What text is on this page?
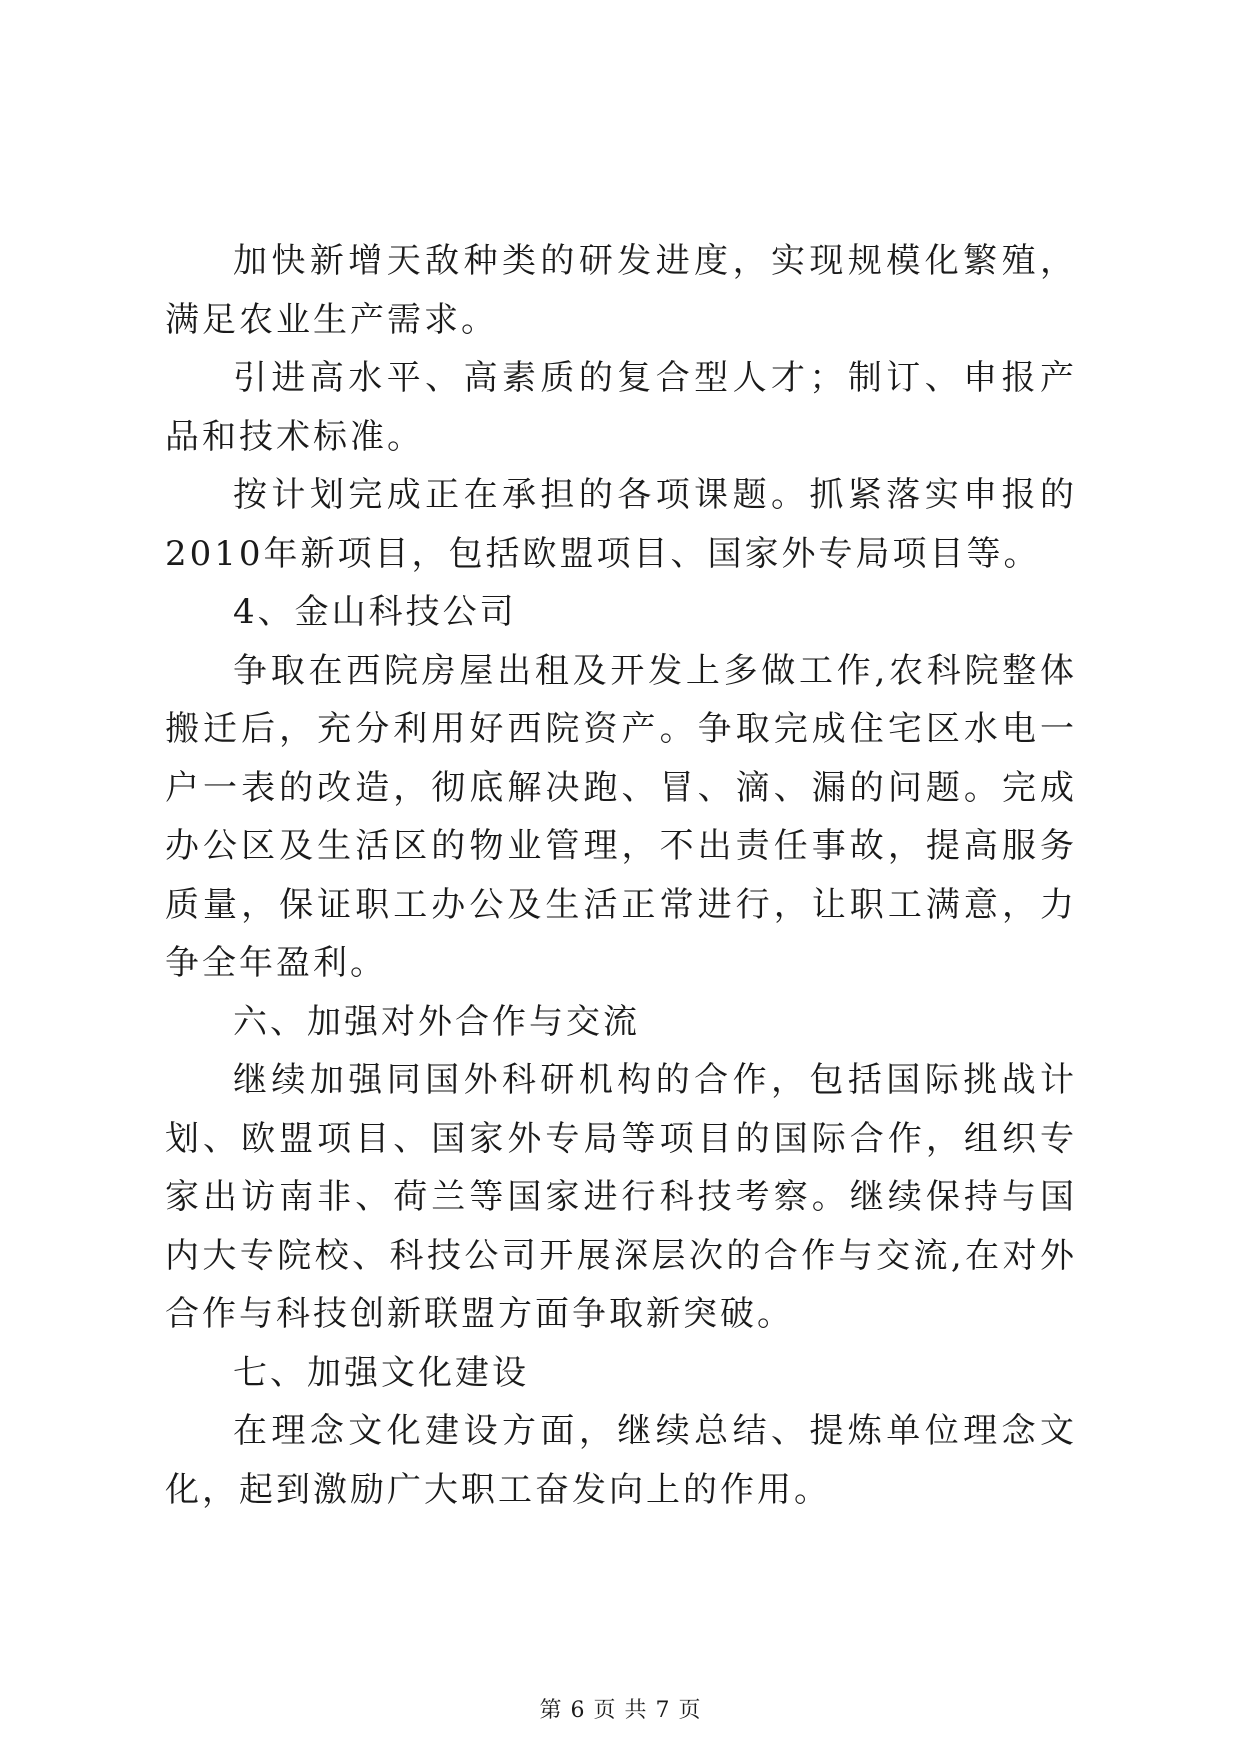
加快新增天敌种类的研发进度，实现规模化繁殖，满足农业生产需求。

引进高水平、高素质的复合型人才；制订、申报产品和技术标准。

按计划完成正在承担的各项课题。抓紧落实申报的2010年新项目，包括欧盟项目、国家外专局项目等。

4、金山科技公司

争取在西院房屋出租及开发上多做工作,农科院整体搬迁后，充分利用好西院资产。争取完成住宅区水电一户一表的改造，彻底解决跑、冒、滴、漏的问题。完成办公区及生活区的物业管理，不出责任事故，提高服务质量，保证职工办公及生活正常进行，让职工满意，力争全年盈利。

六、加强对外合作与交流

继续加强同国外科研机构的合作，包括国际挑战计划、欧盟项目、国家外专局等项目的国际合作，组织专家出访南非、荷兰等国家进行科技考察。继续保持与国内大专院校、科技公司开展深层次的合作与交流,在对外合作与科技创新联盟方面争取新突破。

七、加强文化建设

在理念文化建设方面，继续总结、提炼单位理念文化，起到激励广大职工奋发向上的作用。

第 6 页 共 7 页
